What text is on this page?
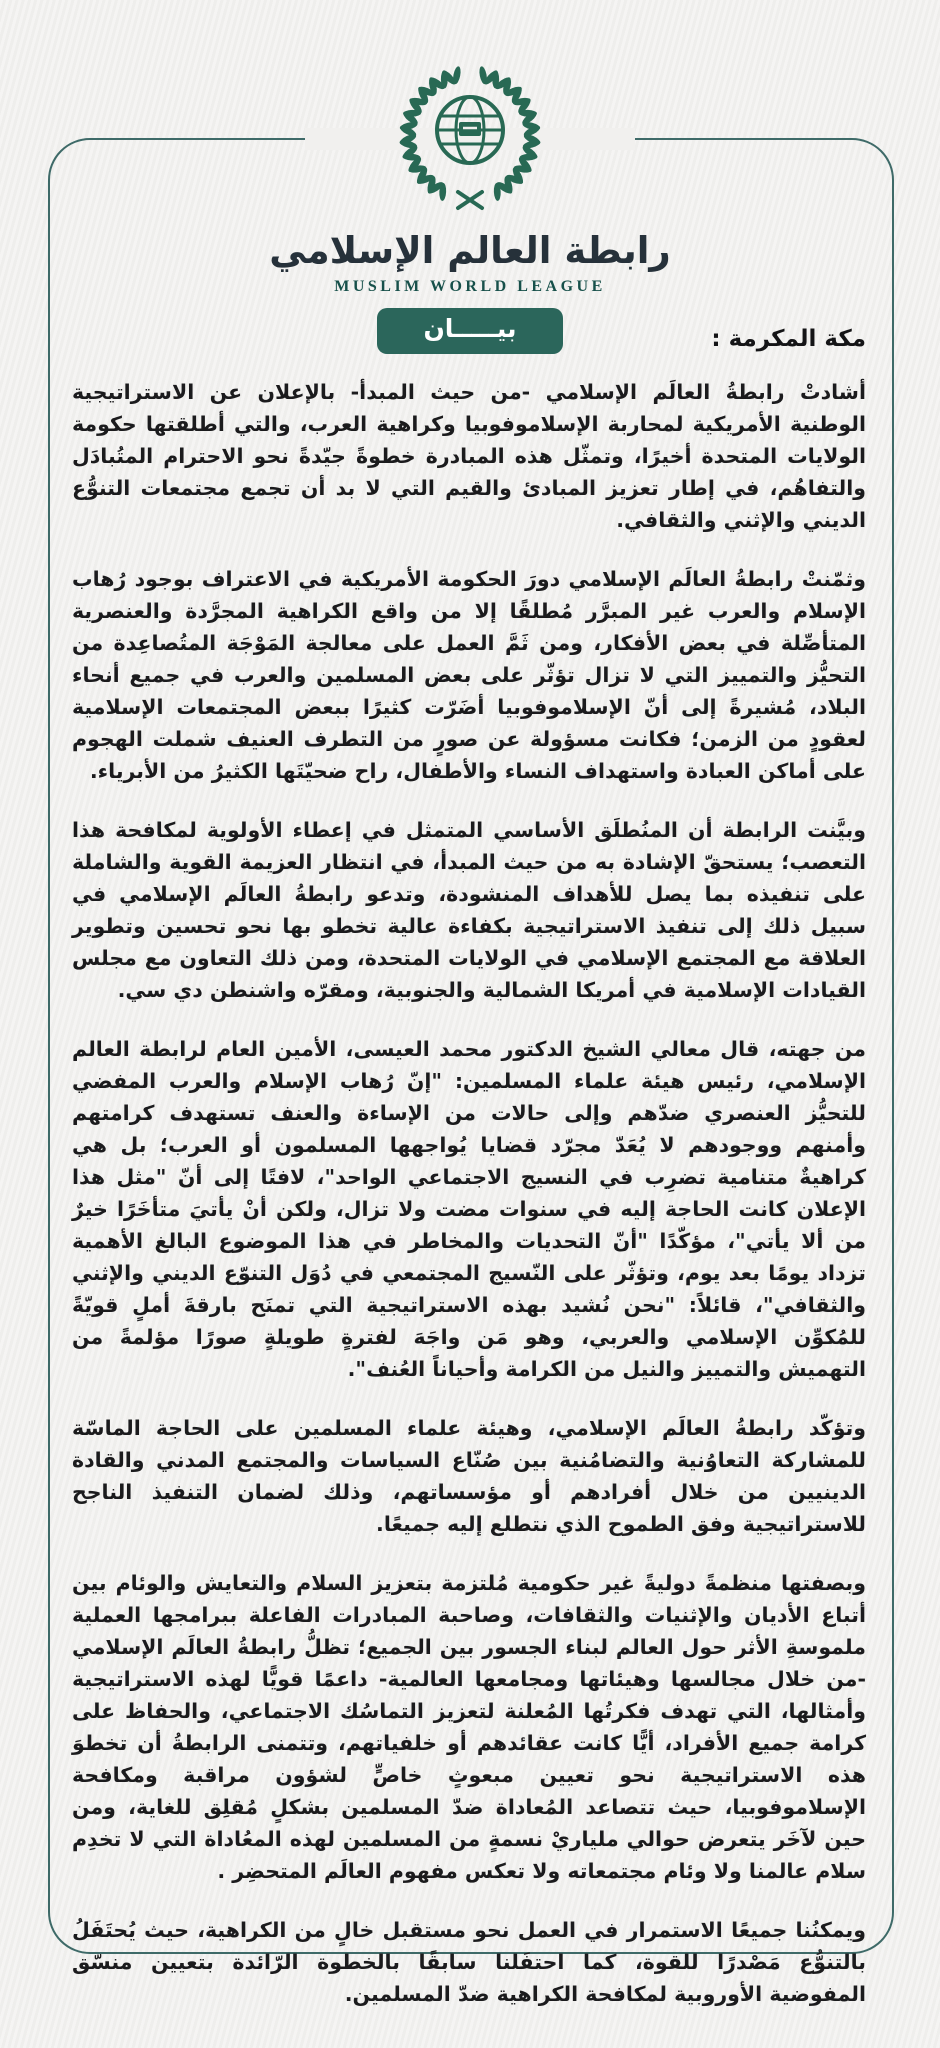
رابطة العالم الإسلامي
MUSLIM WORLD LEAGUE
بيـــــان	مكة المكرمة :

أشادتْ رابطةُ العالَم الإسلامي -من حيث المبدأ- بالإعلان عن الاستراتيجية الوطنية الأمريكية لمحاربة الإسلاموفوبيا وكراهية العرب، والتي أطلقتها حكومة الولايات المتحدة أخيرًا، وتمثّل هذه المبادرة خطوةً جيّدةً نحو الاحترام المتُبادَل والتفاهُم، في إطار تعزيز المبادئ والقيم التي لا بد أن تجمع مجتمعات التنوُّع الديني والإثني والثقافي.

وثمّنتْ رابطةُ العالَم الإسلامي دورَ الحكومة الأمريكية في الاعتراف بوجود رُهاب الإسلام والعرب غير المبرَّر مُطلقًا إلا من واقع الكراهية المجرَّدة والعنصرية المتأصِّلة في بعض الأفكار، ومن ثَمَّ العمل على معالجة المَوْجَة المتُصاعِدة من التحيُّز والتمييز التي لا تزال تؤثّر على بعض المسلمين والعرب في جميع أنحاء البلاد، مُشيرةً إلى أنّ الإسلاموفوبيا أضَرّت كثيرًا ببعض المجتمعات الإسلامية لعقودٍ من الزمن؛ فكانت مسؤولة عن صورٍ من التطرف العنيف شملت الهجوم على أماكن العبادة واستهداف النساء والأطفال، راح ضحيّتَها الكثيرُ من الأبرياء.

وبيَّنت الرابطة أن المنُطلَق الأساسي المتمثل في إعطاء الأولوية لمكافحة هذا التعصب؛ يستحقّ الإشادة به من حيث المبدأ، في انتظار العزيمة القوية والشاملة على تنفيذه بما يصل للأهداف المنشودة، وتدعو رابطةُ العالَم الإسلامي في سبيل ذلك إلى تنفيذ الاستراتيجية بكفاءة عالية تخطو بها نحو تحسين وتطوير العلاقة مع المجتمع الإسلامي في الولايات المتحدة، ومن ذلك التعاون مع مجلس القيادات الإسلامية في أمريكا الشمالية والجنوبية، ومقرّه واشنطن دي سي.

من جهته، قال معالي الشيخ الدكتور محمد العيسى، الأمين العام لرابطة العالم الإسلامي، رئيس هيئة علماء المسلمين: "إنّ رُهاب الإسلام والعرب المفضي للتحيُّز العنصري ضدّهم وإلى حالات من الإساءة والعنف تستهدف كرامتهم وأمنهم ووجودهم لا يُعَدّ مجرّد قضايا يُواجهها المسلمون أو العرب؛ بل هي كراهيةٌ متنامية تضرِب في النسيج الاجتماعي الواحد"، لافتًا إلى أنّ "مثل هذا الإعلان كانت الحاجة إليه في سنوات مضت ولا تزال، ولكن أنْ يأتيَ متأخَرًا خيرٌ من ألا يأتي"، مؤكّدًا "أنّ التحديات والمخاطر في هذا الموضوع البالغ الأهمية تزداد يومًا بعد يوم، وتؤثّر على النّسيج المجتمعي في دُوَل التنوّع الديني والإثني والثقافي"، قائلاً: "نحن نُشيد بهذه الاستراتيجية التي تمنَح بارقةَ أملٍ قويّةً للمُكوِّن الإسلامي والعربي، وهو مَن واجَهَ لفترةٍ طويلةٍ صورًا مؤلمةً من التهميش والتمييز والنيل من الكرامة وأحياناً العُنف".

وتؤكّد رابطةُ العالَم الإسلامي، وهيئة علماء المسلمين على الحاجة الماسّة للمشاركة التعاوُنية والتضامُنية بين صُنّاع السياسات والمجتمع المدني والقادة الدينيين من خلال أفرادهم أو مؤسساتهم، وذلك لضمان التنفيذ الناجح للاستراتيجية وفق الطموح الذي نتطلع إليه جميعًا.

وبصفتها منظمةً دوليةً غير حكومية مُلتزمة بتعزيز السلام والتعايش والوئام بين أتباع الأديان والإثنيات والثقافات، وصاحبة المبادرات الفاعلة ببرامجها العملية ملموسةِ الأثر حول العالم لبناء الجسور بين الجميع؛ تظلُّ رابطةُ العالَم الإسلامي -من خلال مجالسها وهيئاتها ومجامعها العالمية- داعمًا قويًّا لهذه الاستراتيجية وأمثالها، التي تهدف فكرتُها المُعلنة لتعزيز التماسُك الاجتماعي، والحفاظ على كرامة جميع الأفراد، أيًّا كانت عقائدهم أو خلفياتهم، وتتمنى الرابطةُ أن تخطوَ هذه الاستراتيجية نحو تعيين مبعوثٍ خاصٍّ لشؤون مراقبة ومكافحة الإسلاموفوبيا، حيث تتصاعد المُعاداة ضدّ المسلمين بشكلٍ مُقلِق للغاية، ومن حين لآخَر يتعرض حوالي ملياريْ نسمةٍ من المسلمين لهذه المعُاداة التي لا تخدِم سلام عالمنا ولا وئام مجتمعاته ولا تعكس مفهوم العالَم المتحضِر .

ويمكنُنا جميعًا الاستمرار في العمل نحو مستقبل خالٍ من الكراهية، حيث يُحتَفَلُ بالتنوُّع مَصْدرًا للقوة، كما احتفَلنا سابقًا بالخطوة الرّائدة بتعيين منسّق المفوضية الأوروبية لمكافحة الكراهية ضدّ المسلمين.
